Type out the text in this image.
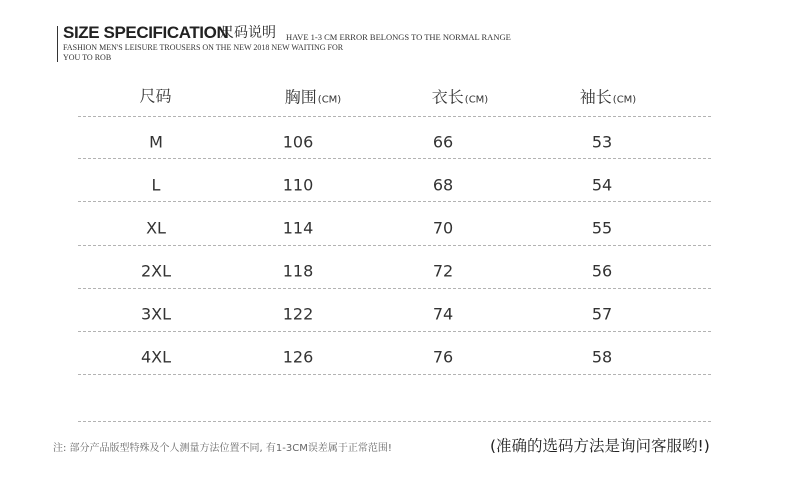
SIZE SPECIFICATION
尺码说明 HAVE 1-3 CM ERROR BELONGS TO THE NORMAL RANGE
FASHION MEN'S LEISURE TROUSERS ON THE NEW 2018 NEW WAITING FOR
YOU TO ROB
尺码	胸围(CM)	衣长(CM)	袖长(CM)
M	106	66	53
L	110	68	54
XL	114	70	55
2XL	118	72	56
3XL	122	74	57
4XL	126	76	58
注: 部分产品版型特殊及个人测量方法位置不同, 有1-3CM误差属于正常范围!	(准确的选码方法是询问客服哟!)
